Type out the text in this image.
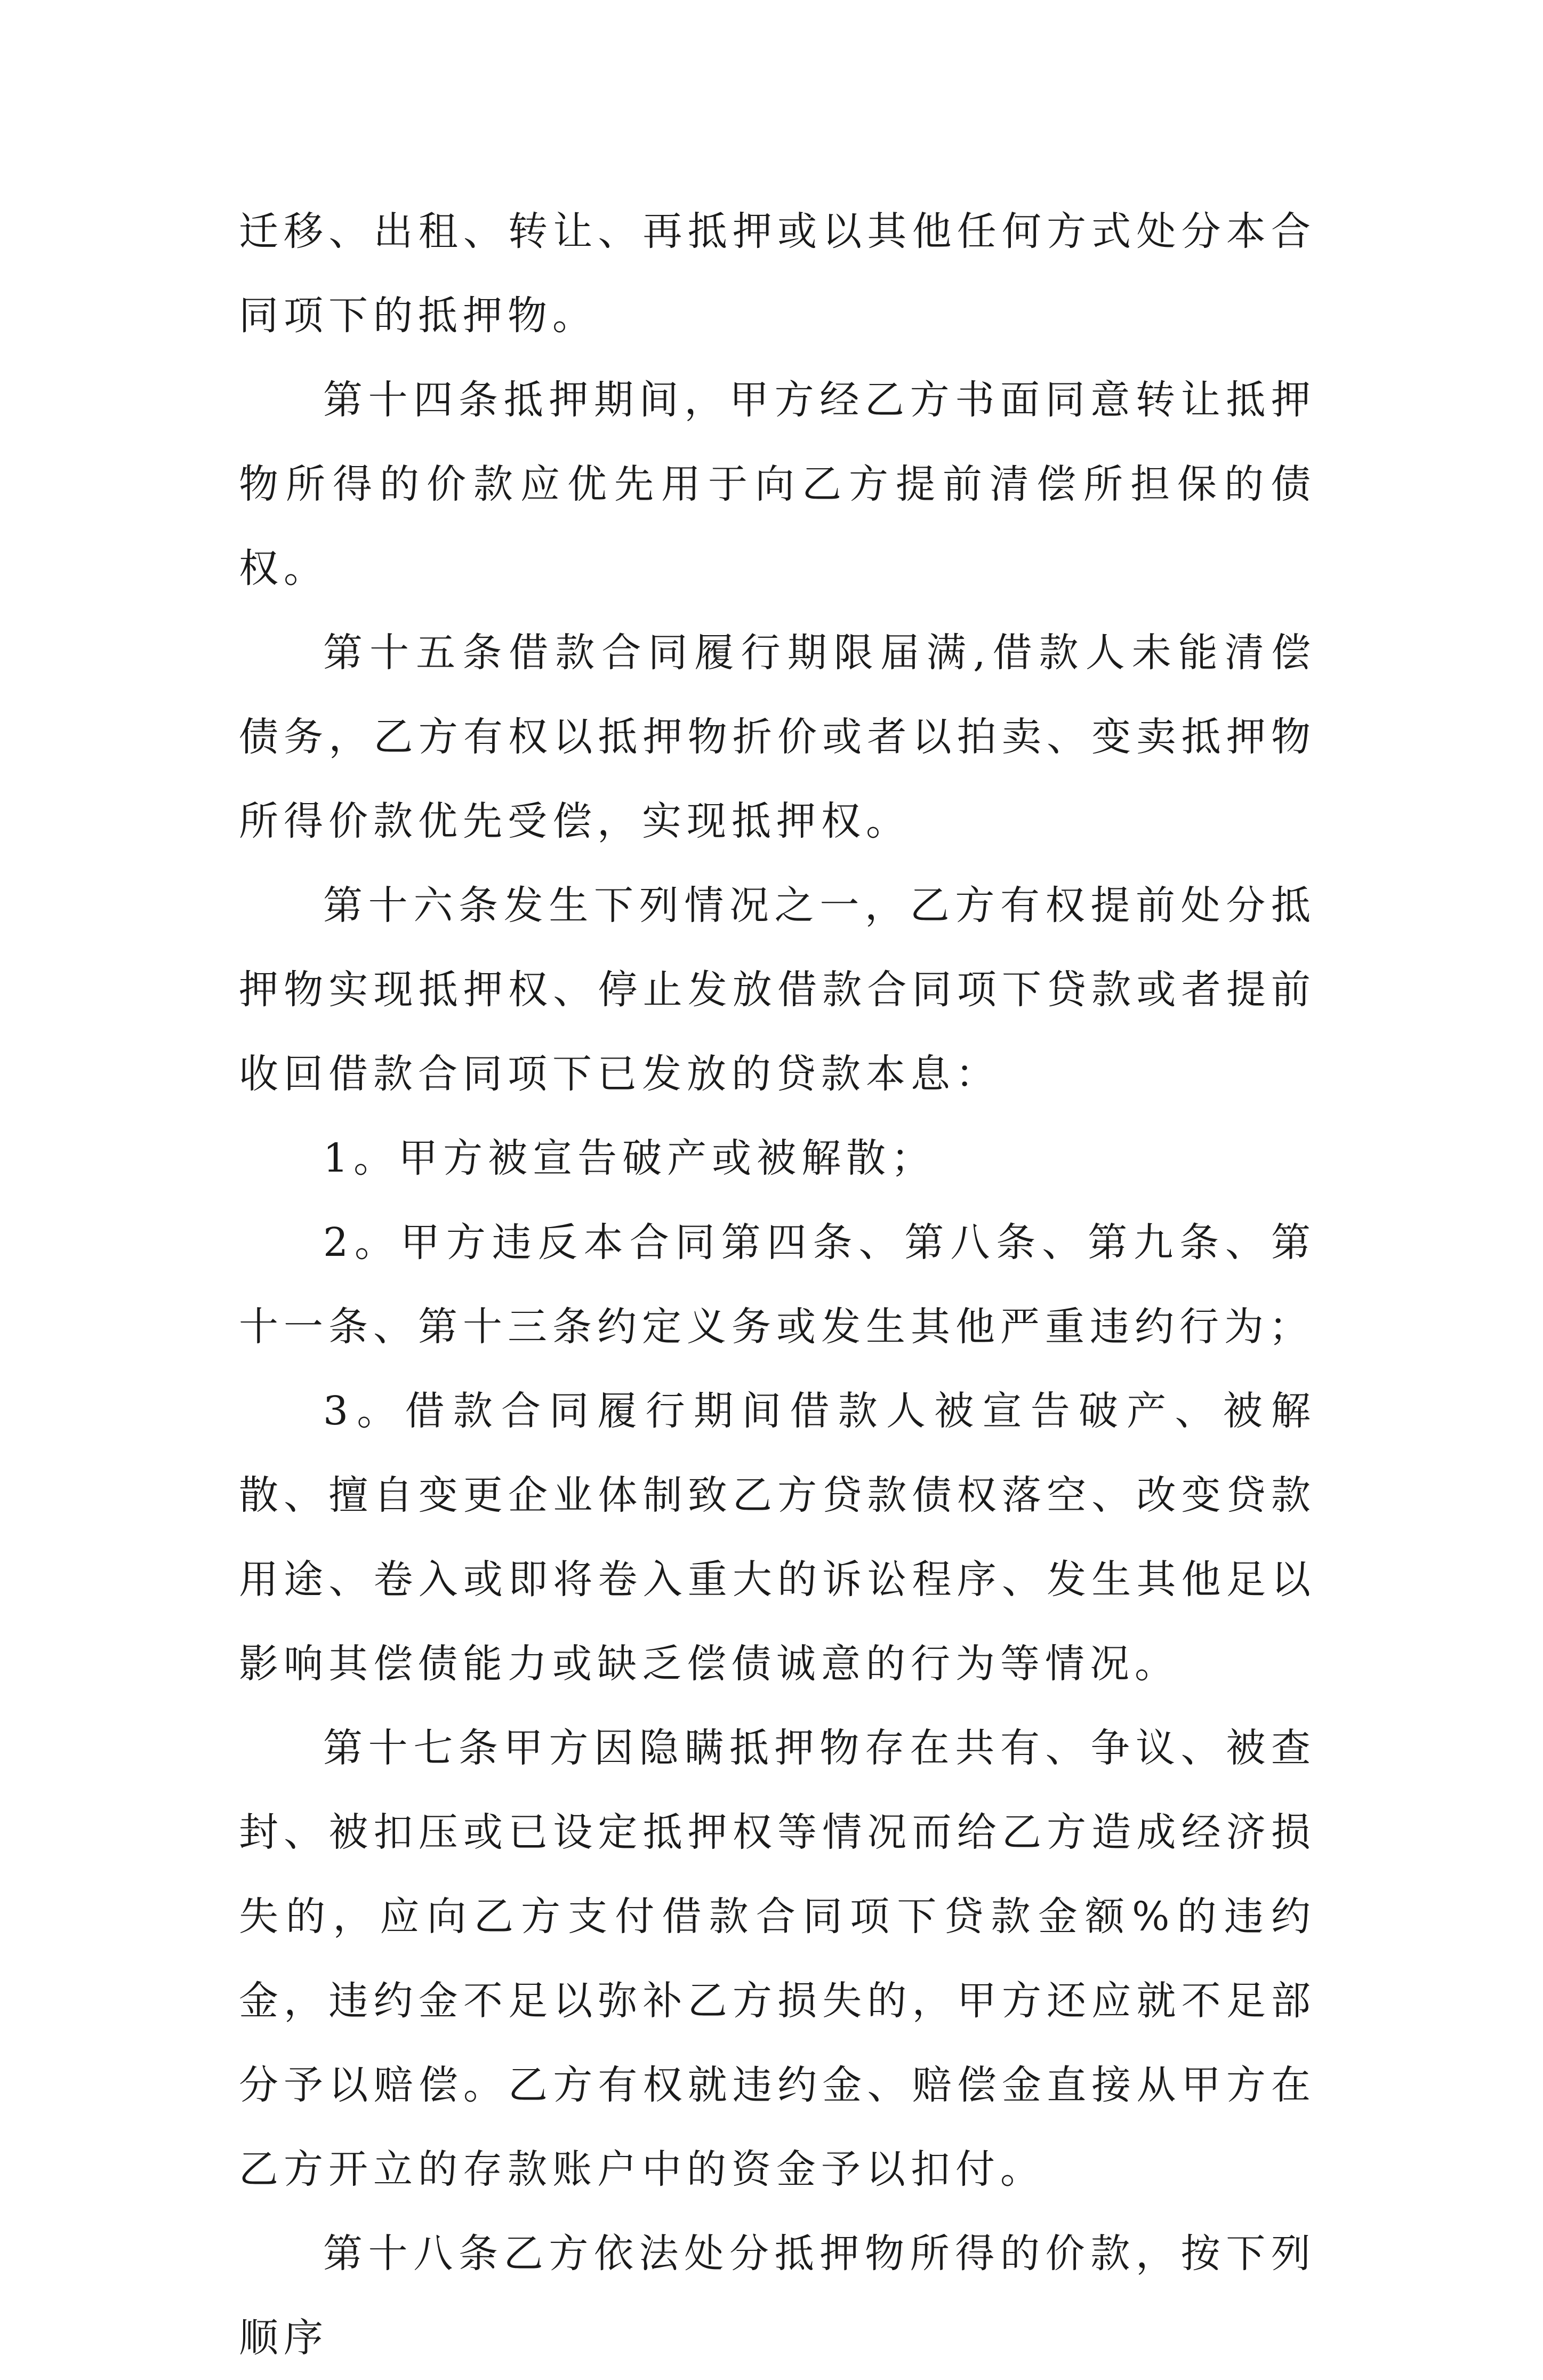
迁移、出租、转让、再抵押或以其他任何方式处分本合同项下的抵押物。

第十四条抵押期间，甲方经乙方书面同意转让抵押物所得的价款应优先用于向乙方提前清偿所担保的债权。

第十五条借款合同履行期限届满,借款人未能清偿债务，乙方有权以抵押物折价或者以拍卖、变卖抵押物所得价款优先受偿，实现抵押权。

第十六条发生下列情况之一，乙方有权提前处分抵押物实现抵押权、停止发放借款合同项下贷款或者提前收回借款合同项下已发放的贷款本息：

1。甲方被宣告破产或被解散；

2。甲方违反本合同第四条、第八条、第九条、第十一条、第十三条约定义务或发生其他严重违约行为；

3。借款合同履行期间借款人被宣告破产、被解散、擅自变更企业体制致乙方贷款债权落空、改变贷款用途、卷入或即将卷入重大的诉讼程序、发生其他足以影响其偿债能力或缺乏偿债诚意的行为等情况。

第十七条甲方因隐瞒抵押物存在共有、争议、被查封、被扣压或已设定抵押权等情况而给乙方造成经济损失的，应向乙方支付借款合同项下贷款金额%的违约金，违约金不足以弥补乙方损失的，甲方还应就不足部分予以赔偿。乙方有权就违约金、赔偿金直接从甲方在乙方开立的存款账户中的资金予以扣付。

第十八条乙方依法处分抵押物所得的价款，按下列顺序
